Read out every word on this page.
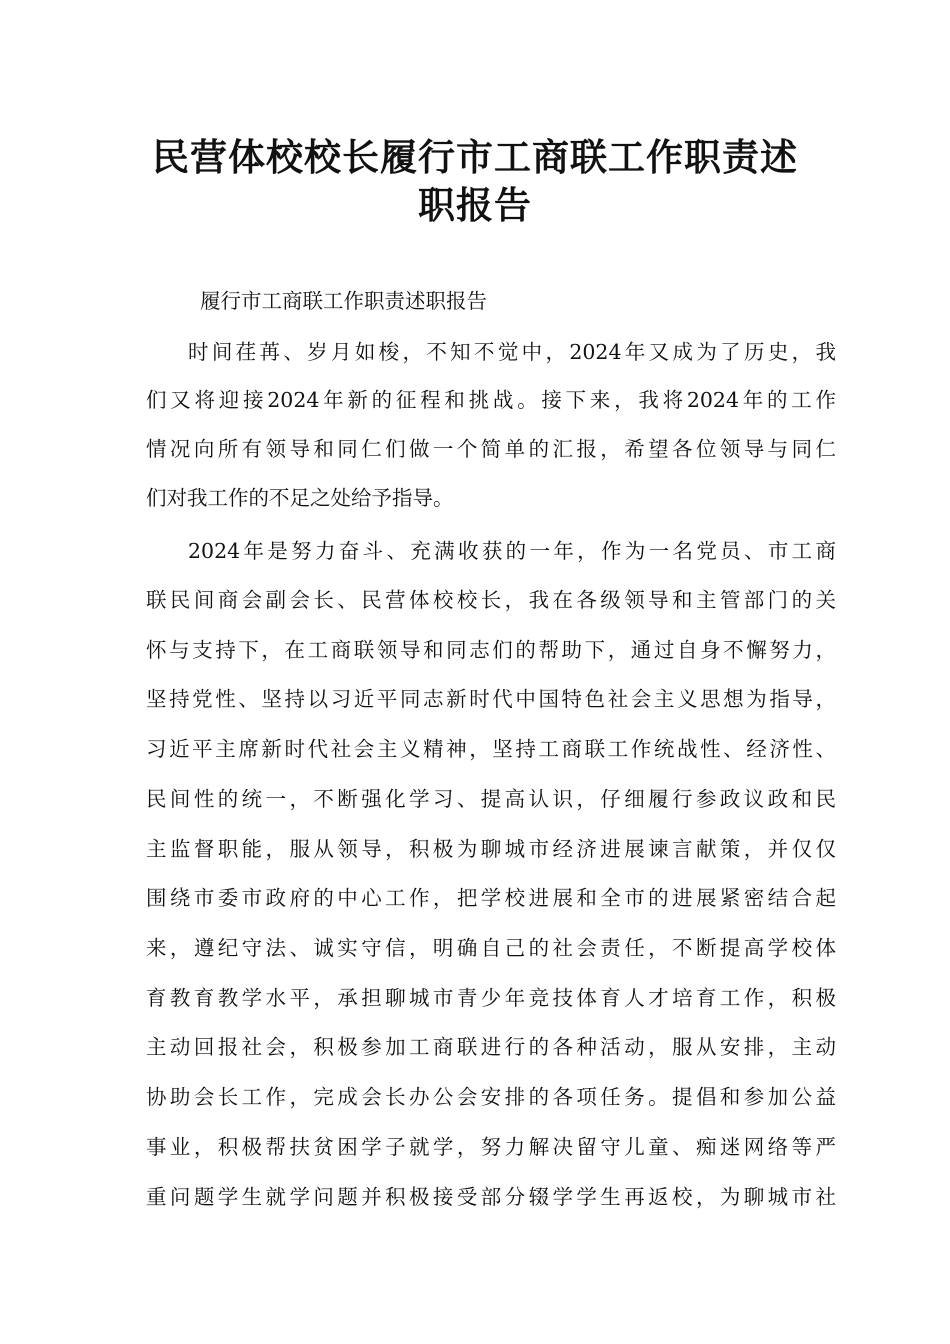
民营体校校长履行市工商联工作职责述
职报告

履行市工商联工作职责述职报告

时间荏苒、岁月如梭，不知不觉中，2024年又成为了历史，我

们又将迎接2024年新的征程和挑战。接下来，我将2024年的工作

情况向所有领导和同仁们做一个简单的汇报，希望各位领导与同仁

们对我工作的不足之处给予指导。

2024年是努力奋斗、充满收获的一年，作为一名党员、市工商

联民间商会副会长、民营体校校长，我在各级领导和主管部门的关

怀与支持下，在工商联领导和同志们的帮助下，通过自身不懈努力，

坚持党性、坚持以习近平同志新时代中国特色社会主义思想为指导，

习近平主席新时代社会主义精神，坚持工商联工作统战性、经济性、

民间性的统一，不断强化学习、提高认识，仔细履行参政议政和民

主监督职能，服从领导，积极为聊城市经济进展谏言献策，并仅仅

围绕市委市政府的中心工作，把学校进展和全市的进展紧密结合起

来，遵纪守法、诚实守信，明确自己的社会责任，不断提高学校体

育教育教学水平，承担聊城市青少年竞技体育人才培育工作，积极

主动回报社会，积极参加工商联进行的各种活动，服从安排，主动

协助会长工作，完成会长办公会安排的各项任务。提倡和参加公益

事业，积极帮扶贫困学子就学，努力解决留守儿童、痴迷网络等严

重问题学生就学问题并积极接受部分辍学学生再返校，为聊城市社
